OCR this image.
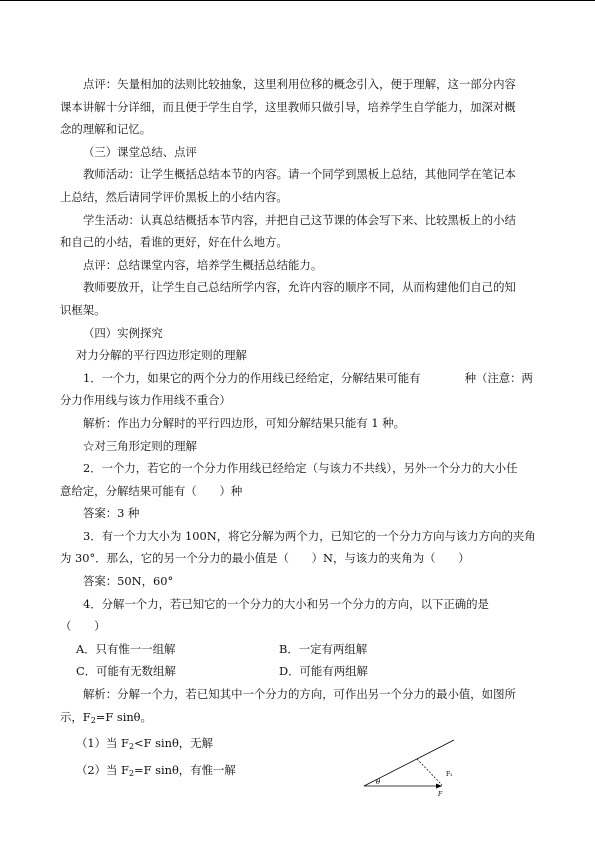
点评：矢量相加的法则比较抽象，这里利用位移的概念引入，便于理解，这一部分内容

课本讲解十分详细，而且便于学生自学，这里教师只做引导，培养学生自学能力，加深对概

念的理解和记忆。

（三）课堂总结、点评

教师活动：让学生概括总结本节的内容。请一个同学到黑板上总结，其他同学在笔记本

上总结，然后请同学评价黑板上的小结内容。

学生活动：认真总结概括本节内容，并把自己这节课的体会写下来、比较黑板上的小结

和自己的小结，看谁的更好，好在什么地方。

点评：总结课堂内容，培养学生概括总结能力。

教师要放开，让学生自己总结所学内容，允许内容的顺序不同，从而构建他们自己的知

识框架。

（四）实例探究

对力分解的平行四边形定则的理解

1．一个力，如果它的两个分力的作用线已经给定，分解结果可能有	种（注意：两

分力作用线与该力作用线不重合）

解析：作出力分解时的平行四边形，可知分解结果只能有 1 种。

☆对三角形定则的理解

2．一个力，若它的一个分力作用线已经给定（与该力不共线），另外一个分力的大小任

意给定，分解结果可能有（　　）种

答案：3 种

3．有一个力大小为 100N，将它分解为两个力，已知它的一个分力方向与该力方向的夹角

为 30°．那么，它的另一个分力的最小值是（　　）N，与该力的夹角为（　　）

答案：50N，60°

4．分解一个力，若已知它的一个分力的大小和另一个分力的方向，以下正确的是

（　　）

A．只有惟一一组解	B．一定有两组解
C．可能有无数组解	D．可能有两组解

解析：分解一个力，若已知其中一个分力的方向，可作出另一个分力的最小值，如图所

示，$F_2=F$ sinθ。

（1）当 $F_2<F$ sinθ，无解

（2）当 $F_2=F$ sinθ，有惟一解

θ
F₂
F
